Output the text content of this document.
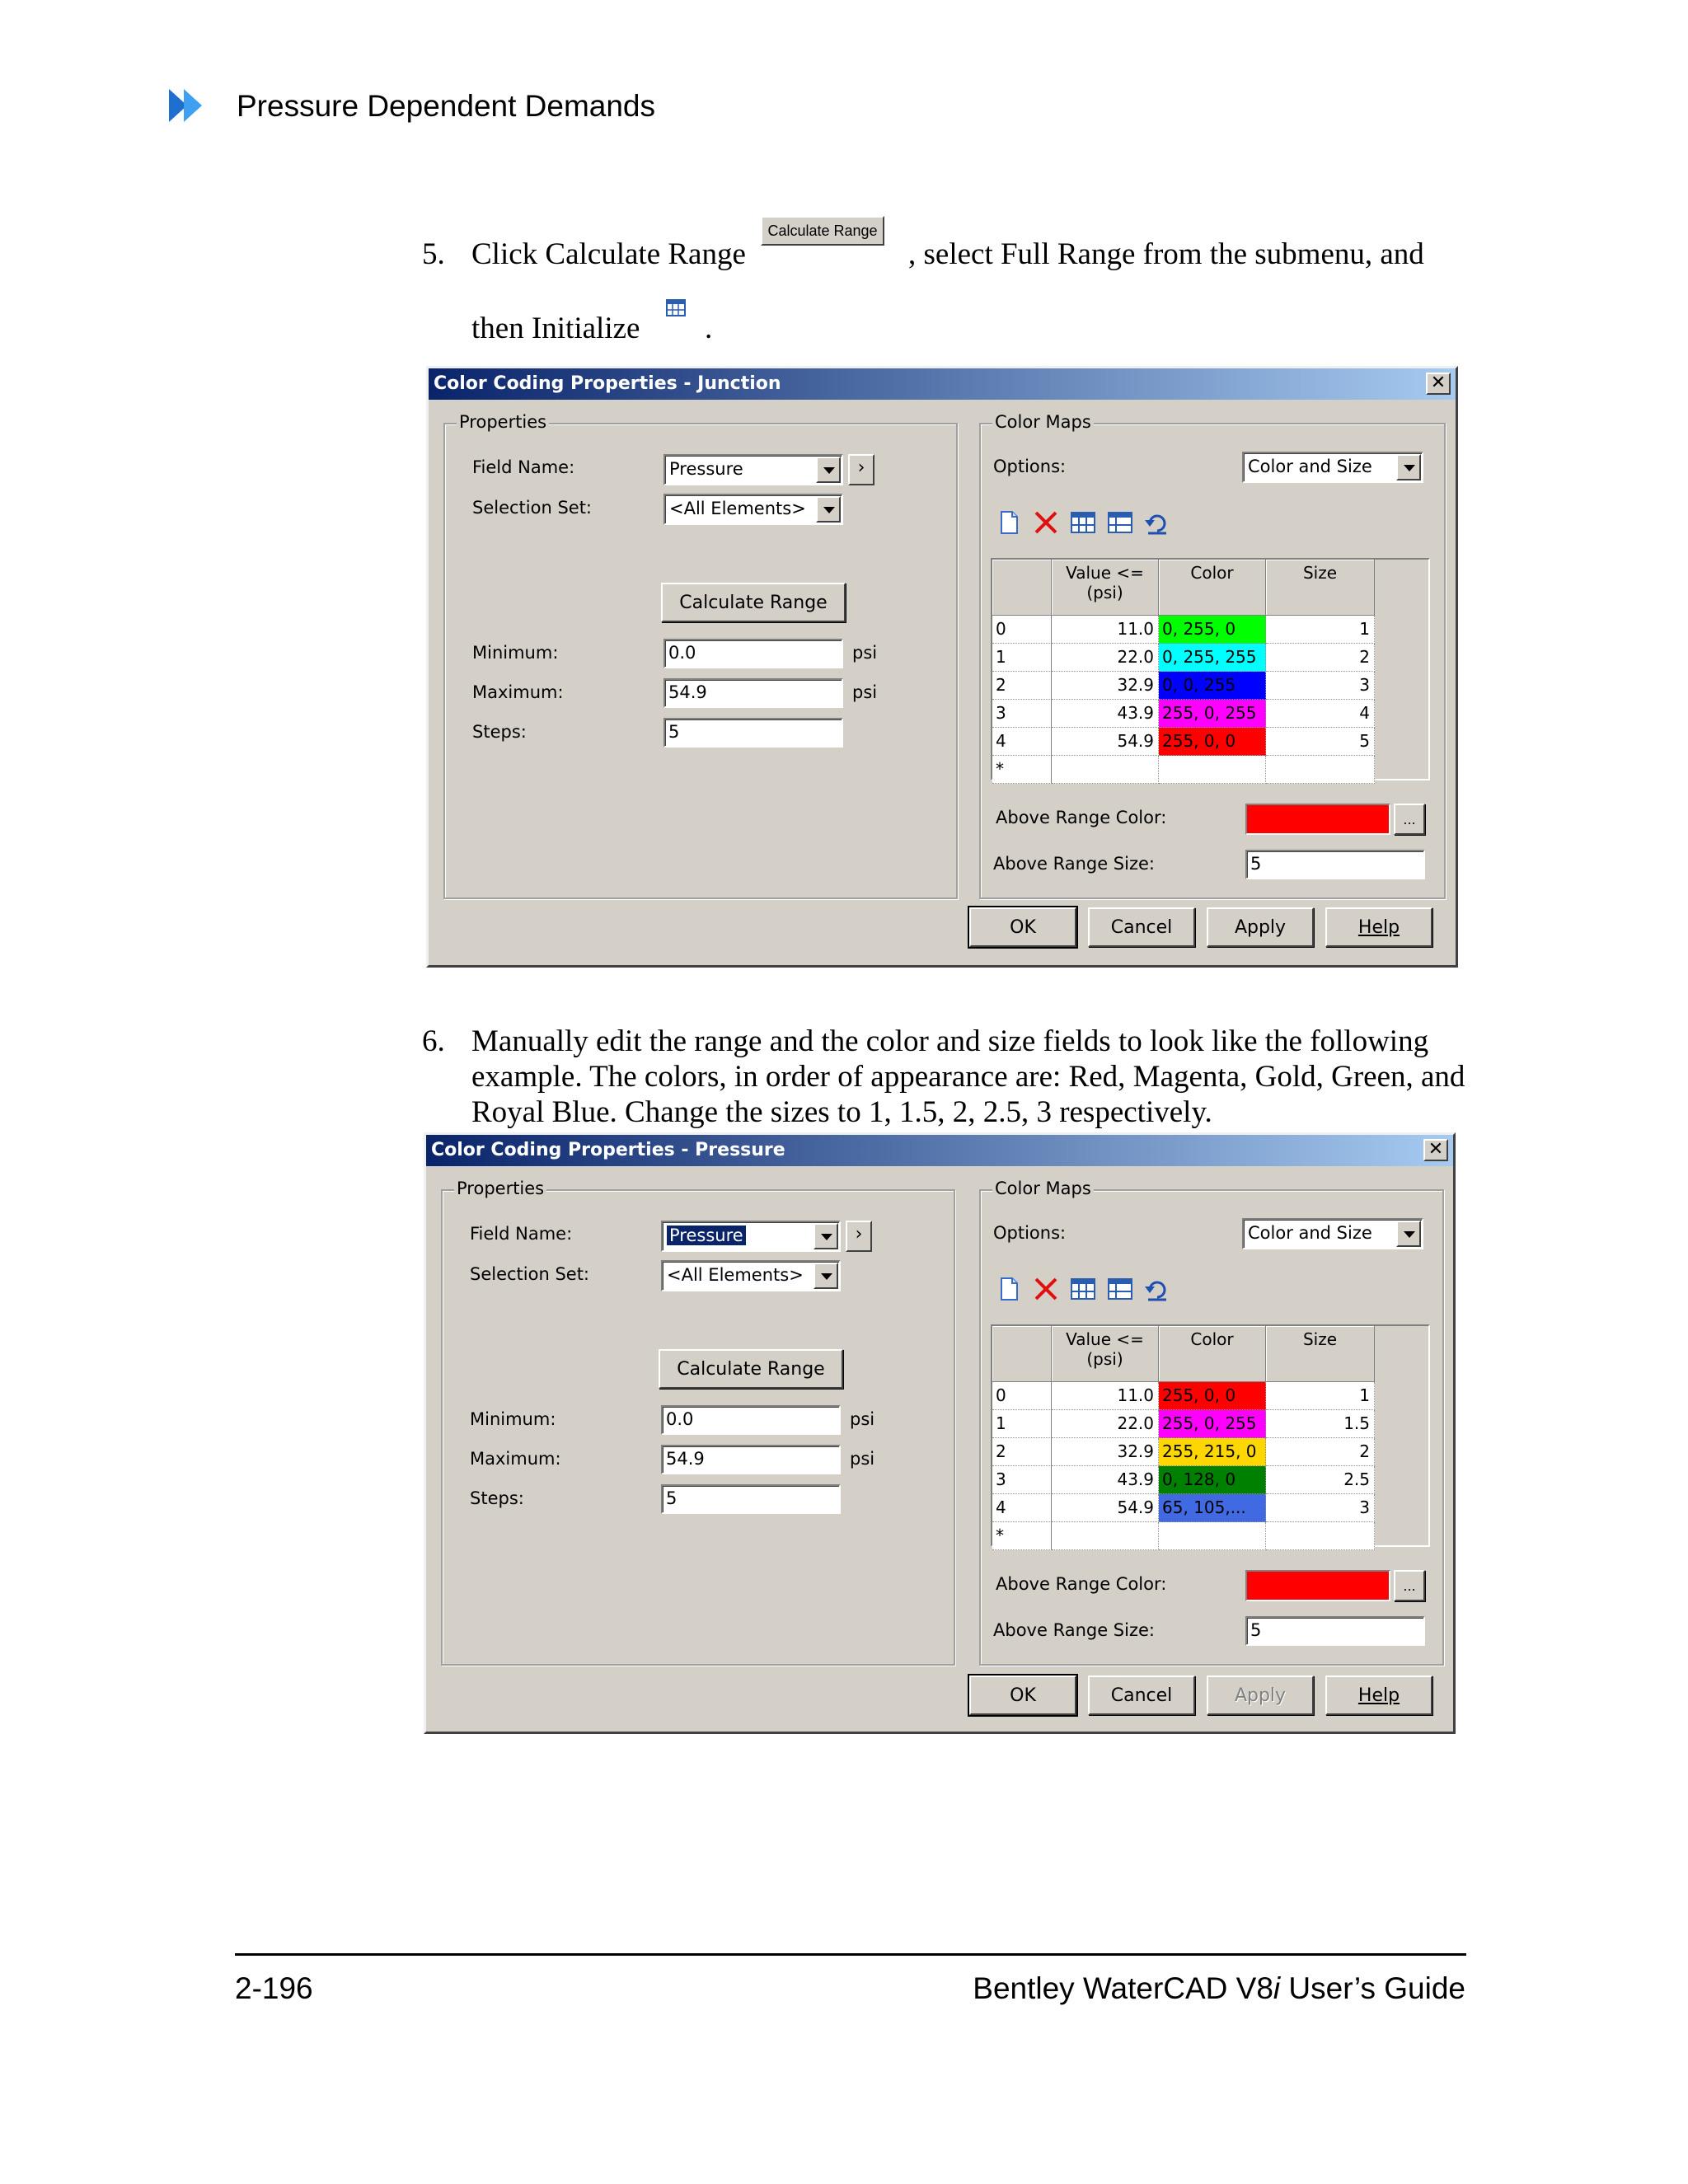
Pressure Dependent Demands
5. Click Calculate Range
Calculate Range
, select Full Range from the submenu, and
then Initialize .
Color Coding Properties - Junction	✕
Properties
Field Name:	Pressure	›
Selection Set:	<All Elements>
Calculate Range
Minimum:	0.0	psi
Maximum:	54.9	psi
Steps:	5
Color Maps
Options:	Color and Size
Value <=
(psi)
Color	Size
0	11.0 0, 255, 0	1
1	22.0 0, 255, 255	2
2	32.9 0, 0, 255	3
3	43.9 255, 0, 255	4
4	54.9 255, 0, 0	5
*
Above Range Color:	...
Above Range Size:	5
OK	Cancel	Apply	Help
6. Manually edit the range and the color and size fields to look like the following
example. The colors, in order of appearance are: Red, Magenta, Gold, Green, and
Royal Blue. Change the sizes to 1, 1.5, 2, 2.5, 3 respectively.
Color Coding Properties - Pressure	✕
Properties
Field Name:	Pressure	›
Selection Set:	<All Elements>
Calculate Range
Minimum:	0.0	psi
Maximum:	54.9	psi
Steps:	5
Color Maps
Options:	Color and Size
Value <=
(psi)
Color	Size
0	11.0 255, 0, 0	1
1	22.0 255, 0, 255	1.5
2	32.9 255, 215, 0	2
3	43.9 0, 128, 0	2.5
4	54.9 65, 105,...	3
*
Above Range Color:	...
Above Range Size:	5
OK	Cancel	Apply	Help
2-196	Bentley WaterCAD V8i User’s Guide
